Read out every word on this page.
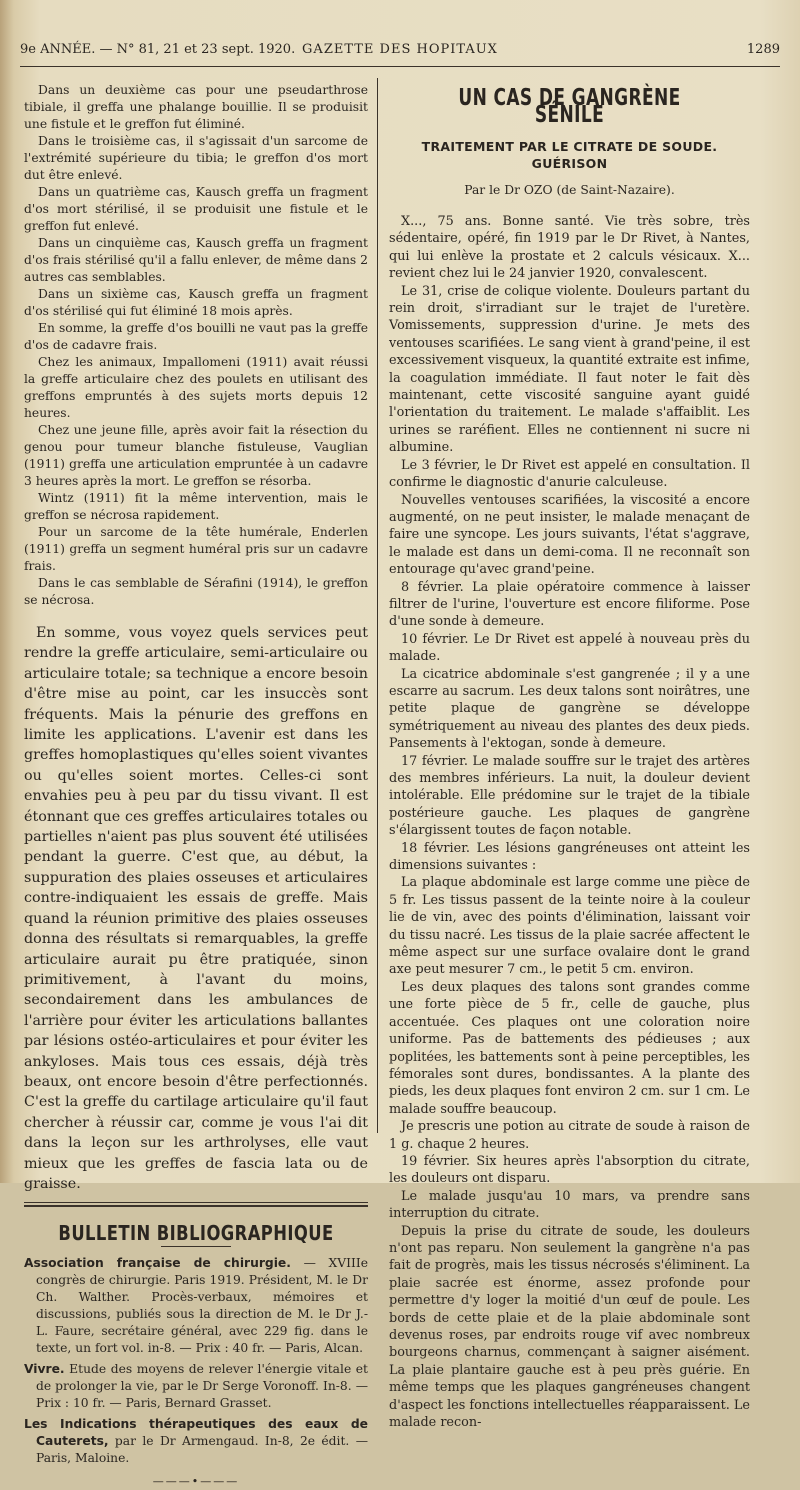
9e ANNÉE. — N° 81, 21 et 23 sept. 1920. GAZETTE DES HOPITAUX	1289

Dans un deuxième cas pour une pseudarthrose tibiale, il greffa une phalange bouillie. Il se produisit une fistule et le greffon fut éliminé.

Dans le troisième cas, il s'agissait d'un sarcome de l'extrémité supérieure du tibia; le greffon d'os mort dut être enlevé.

Dans un quatrième cas, Kausch greffa un fragment d'os mort stérilisé, il se produisit une fistule et le greffon fut enlevé.

Dans un cinquième cas, Kausch greffa un fragment d'os frais stérilisé qu'il a fallu enlever, de même dans 2 autres cas semblables.

Dans un sixième cas, Kausch greffa un fragment d'os stérilisé qui fut éliminé 18 mois après.

En somme, la greffe d'os bouilli ne vaut pas la greffe d'os de cadavre frais.

Chez les animaux, Impallomeni (1911) avait réussi la greffe articulaire chez des poulets en utilisant des greffons empruntés à des sujets morts depuis 12 heures.

Chez une jeune fille, après avoir fait la résection du genou pour tumeur blanche fistuleuse, Vauglian (1911) greffa une articulation empruntée à un cadavre 3 heures après la mort. Le greffon se résorba.

Wintz (1911) fit la même intervention, mais le greffon se nécrosa rapidement.

Pour un sarcome de la tête humérale, Enderlen (1911) greffa un segment huméral pris sur un cadavre frais.

Dans le cas semblable de Sérafini (1914), le greffon se nécrosa.

En somme, vous voyez quels services peut rendre la greffe articulaire, semi-articulaire ou articulaire totale; sa technique a encore besoin d'être mise au point, car les insuccès sont fréquents. Mais la pénurie des greffons en limite les applications. L'avenir est dans les greffes homoplastiques qu'elles soient vivantes ou qu'elles soient mortes. Celles-ci sont envahies peu à peu par du tissu vivant. Il est étonnant que ces greffes articulaires totales ou partielles n'aient pas plus souvent été utilisées pendant la guerre. C'est que, au début, la suppuration des plaies osseuses et articulaires contre-indiquaient les essais de greffe. Mais quand la réunion primitive des plaies osseuses donna des résultats si remarquables, la greffe articulaire aurait pu être pratiquée, sinon primitivement, à l'avant du moins, secondairement dans les ambulances de l'arrière pour éviter les articulations ballantes par lésions ostéo-articulaires et pour éviter les ankyloses. Mais tous ces essais, déjà très beaux, ont encore besoin d'être perfectionnés. C'est la greffe du cartilage articulaire qu'il faut chercher à réussir car, comme je vous l'ai dit dans la leçon sur les arthrolyses, elle vaut mieux que les greffes de fascia lata ou de graisse.

BULLETIN BIBLIOGRAPHIQUE

Association française de chirurgie. — XVIIIe congrès de chirurgie. Paris 1919. Président, M. le Dr Ch. Walther. Procès-verbaux, mémoires et discussions, publiés sous la direction de M. le Dr J.-L. Faure, secrétaire général, avec 229 fig. dans le texte, un fort vol. in-8. — Prix : 40 fr. — Paris, Alcan.

Vivre. Etude des moyens de relever l'énergie vitale et de prolonger la vie, par le Dr Serge Voronoff. In-8. — Prix : 10 fr. — Paris, Bernard Grasset.

Les Indications thérapeutiques des eaux de Cauterets, par le Dr Armengaud. In-8, 2e édit. — Paris, Maloine.

———•———
UN CAS DE GANGRÈNE SÉNILE
TRAITEMENT PAR LE CITRATE DE SOUDE. GUÉRISON
Par le Dr OZO (de Saint-Nazaire).

X..., 75 ans. Bonne santé. Vie très sobre, très sédentaire, opéré, fin 1919 par le Dr Rivet, à Nantes, qui lui enlève la prostate et 2 calculs vésicaux. X... revient chez lui le 24 janvier 1920, convalescent.

Le 31, crise de colique violente. Douleurs partant du rein droit, s'irradiant sur le trajet de l'uretère. Vomissements, suppression d'urine. Je mets des ventouses scarifiées. Le sang vient à grand'peine, il est excessivement visqueux, la quantité extraite est infime, la coagulation immédiate. Il faut noter le fait dès maintenant, cette viscosité sanguine ayant guidé l'orientation du traitement. Le malade s'affaiblit. Les urines se raréfient. Elles ne contiennent ni sucre ni albumine.

Le 3 février, le Dr Rivet est appelé en consultation. Il confirme le diagnostic d'anurie calculeuse.

Nouvelles ventouses scarifiées, la viscosité a encore augmenté, on ne peut insister, le malade menaçant de faire une syncope. Les jours suivants, l'état s'aggrave, le malade est dans un demi-coma. Il ne reconnaît son entourage qu'avec grand'peine.

8 février. La plaie opératoire commence à laisser filtrer de l'urine, l'ouverture est encore filiforme. Pose d'une sonde à demeure.

10 février. Le Dr Rivet est appelé à nouveau près du malade.

La cicatrice abdominale s'est gangrenée ; il y a une escarre au sacrum. Les deux talons sont noirâtres, une petite plaque de gangrène se développe symétriquement au niveau des plantes des deux pieds. Pansements à l'ektogan, sonde à demeure.

17 février. Le malade souffre sur le trajet des artères des membres inférieurs. La nuit, la douleur devient intolérable. Elle prédomine sur le trajet de la tibiale postérieure gauche. Les plaques de gangrène s'élargissent toutes de façon notable.

18 février. Les lésions gangréneuses ont atteint les dimensions suivantes :

La plaque abdominale est large comme une pièce de 5 fr. Les tissus passent de la teinte noire à la couleur lie de vin, avec des points d'élimination, laissant voir du tissu nacré. Les tissus de la plaie sacrée affectent le même aspect sur une surface ovalaire dont le grand axe peut mesurer 7 cm., le petit 5 cm. environ.

Les deux plaques des talons sont grandes comme une forte pièce de 5 fr., celle de gauche, plus accentuée. Ces plaques ont une coloration noire uniforme. Pas de battements des pédieuses ; aux poplitées, les battements sont à peine perceptibles, les fémorales sont dures, bondissantes. A la plante des pieds, les deux plaques font environ 2 cm. sur 1 cm. Le malade souffre beaucoup.

Je prescris une potion au citrate de soude à raison de 1 g. chaque 2 heures.

19 février. Six heures après l'absorption du citrate, les douleurs ont disparu.

Le malade jusqu'au 10 mars, va prendre sans interruption du citrate.

Depuis la prise du citrate de soude, les douleurs n'ont pas reparu. Non seulement la gangrène n'a pas fait de progrès, mais les tissus nécrosés s'éliminent. La plaie sacrée est énorme, assez profonde pour permettre d'y loger la moitié d'un œuf de poule. Les bords de cette plaie et de la plaie abdominale sont devenus roses, par endroits rouge vif avec nombreux bourgeons charnus, commençant à saigner aisément. La plaie plantaire gauche est à peu près guérie. En même temps que les plaques gangréneuses changent d'aspect les fonctions intellectuelles réapparaissent. Le malade recon-
